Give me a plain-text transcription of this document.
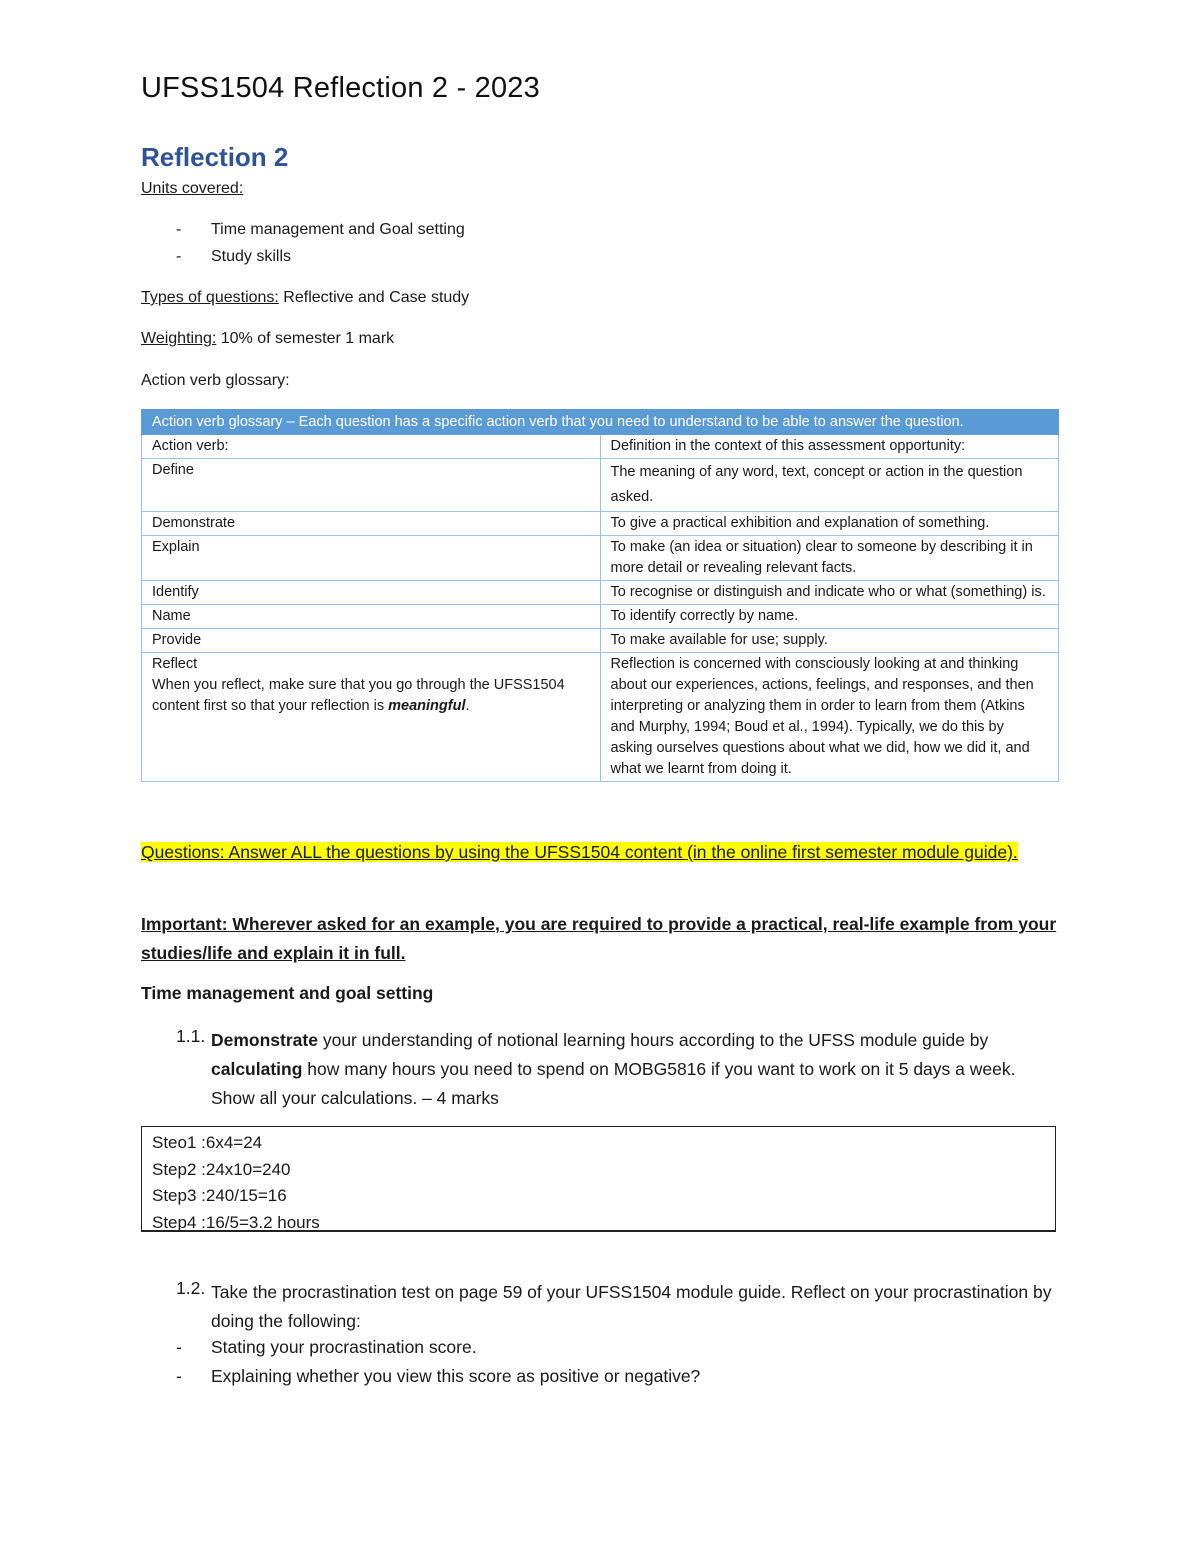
UFSS1504 Reflection 2 - 2023
Reflection 2
Units covered:
- Time management and Goal setting
- Study skills
Types of questions: Reflective and Case study
Weighting: 10% of semester 1 mark
Action verb glossary:
Action verb glossary – Each question has a specific action verb that you need to understand to be able to answer the question.	
Action verb:	Definition in the context of this assessment opportunity:
Define	The meaning of any word, text, concept or action in the question asked.
Demonstrate	To give a practical exhibition and explanation of something.
Explain	To make (an idea or situation) clear to someone by describing it in more detail or revealing relevant facts.
Identify	To recognise or distinguish and indicate who or what (something) is.
Name	To identify correctly by name.
Provide	To make available for use; supply.

Reflect
When you reflect, make sure that you go through the UFSS1504 content first so that your reflection is meaningful.	Reflection is concerned with consciously looking at and thinking about our experiences, actions, feelings, and responses, and then interpreting or analyzing them in order to learn from them (Atkins and Murphy, 1994; Boud et al., 1994). Typically, we do this by asking ourselves questions about what we did, how we did it, and what we learnt from doing it.
Questions: Answer ALL the questions by using the UFSS1504 content (in the online first semester module guide).
Important: Wherever asked for an example, you are required to provide a practical, real-life example from your studies/life and explain it in full.
Time management and goal setting
1.1. Demonstrate your understanding of notional learning hours according to the UFSS module guide by calculating how many hours you need to spend on MOBG5816 if you want to work on it 5 days a week. Show all your calculations. – 4 marks
Steo1 :6x4=24
Step2 :24x10=240
Step3 :240/15=16
Step4 :16/5=3.2 hours
1.2. Take the procrastination test on page 59 of your UFSS1504 module guide. Reflect on your procrastination by doing the following:
- Stating your procrastination score.
- Explaining whether you view this score as positive or negative?
